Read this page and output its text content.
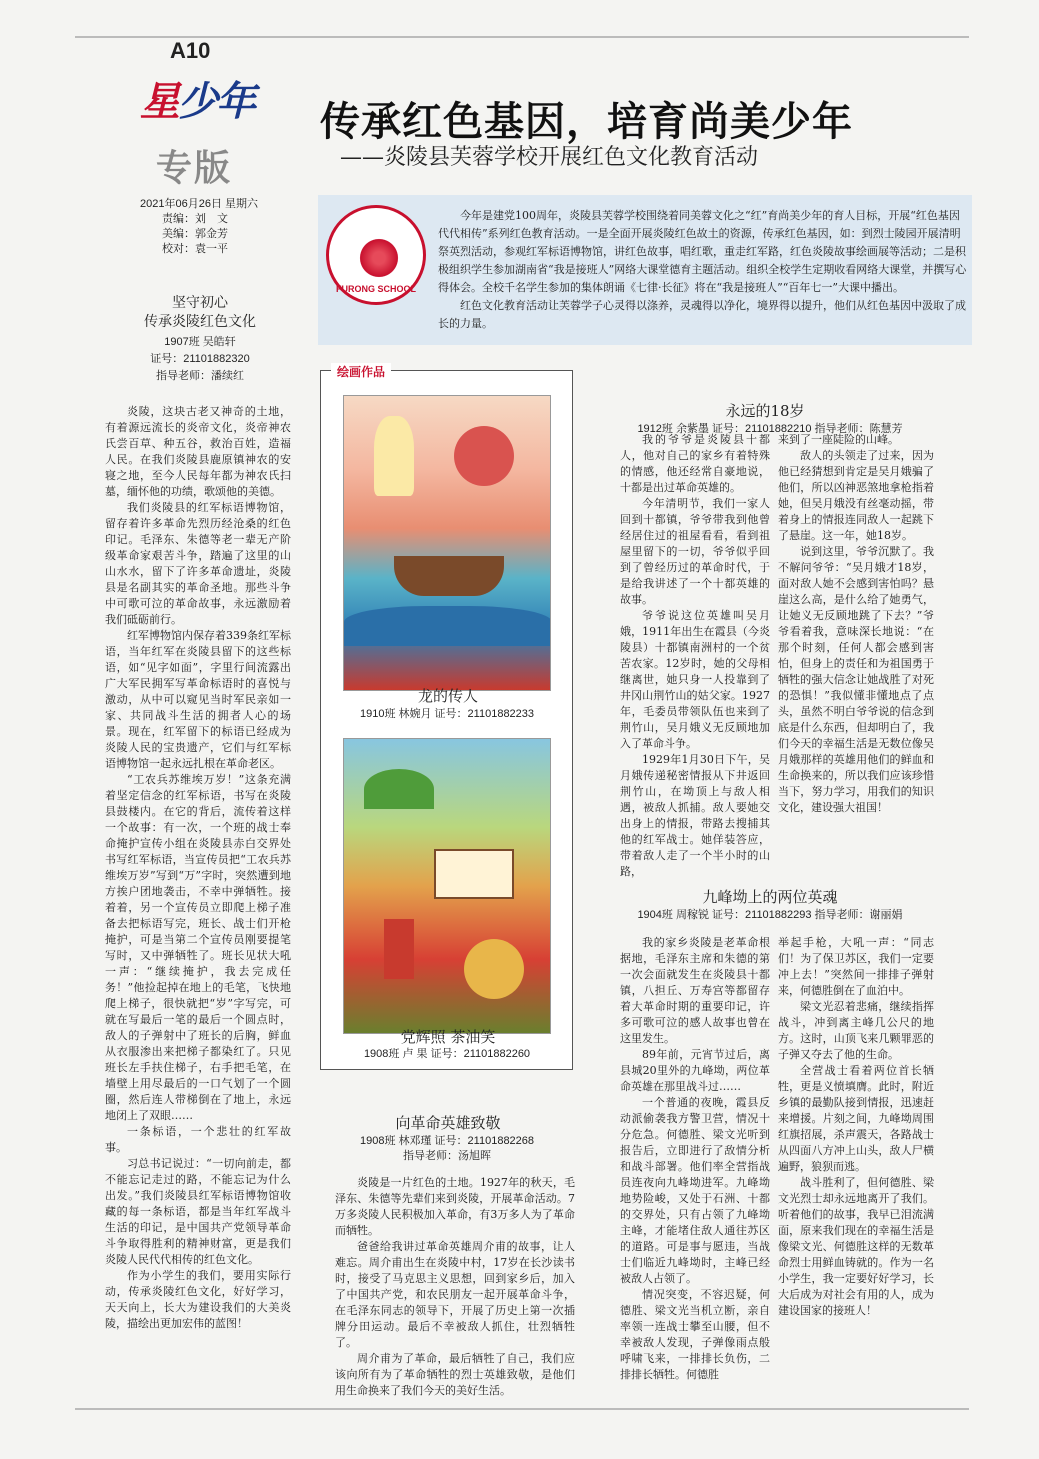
A10
星少年
专版
2021年06月26日 星期六
责编：刘　文
美编：郭金芳
校对：袁一平
传承红色基因，培育尚美少年
——炎陵县芙蓉学校开展红色文化教育活动
FURONG SCHOOL

今年是建党100周年，炎陵县芙蓉学校围绕着同美蓉文化之“红”育尚美少年的育人目标，开展“红色基因 代代相传”系列红色教育活动。一是全面开展炎陵红色故土的资源，传承红色基因，如：到烈士陵园开展清明祭英烈活动，参观红军标语博物馆，讲红色故事，唱红歌，重走红军路，红色炎陵故事绘画展等活动；二是积极组织学生参加湖南省“我是接班人”网络大课堂德育主题活动。组织全校学生定期收看网络大课堂，并撰写心得体会。全校千名学生参加的集体朗诵《七律·长征》将在“我是接班人”“百年七一”大课中播出。

红色文化教育活动让芙蓉学子心灵得以涤养，灵魂得以净化，境界得以提升，他们从红色基因中汲取了成长的力量。

坚守初心
传承炎陵红色文化
1907班 吴皓轩
证号：21101882320
指导老师：潘续红

炎陵，这块古老又神奇的土地，有着源远流长的炎帝文化，炎帝神农氏尝百草、种五谷，救治百姓，造福人民。在我们炎陵县鹿原镇神农的安寝之地，至今人民每年都为神农氏扫墓，缅怀他的功绩，歌颂他的美德。

我们炎陵县的红军标语博物馆，留存着许多革命先烈历经沧桑的红色印记。毛泽东、朱德等老一辈无产阶级革命家艰苦斗争，踏遍了这里的山山水水，留下了许多革命遗址，炎陵县是名副其实的革命圣地。那些斗争中可歌可泣的革命故事，永远激励着我们砥砺前行。

红军博物馆内保存着339条红军标语，当年红军在炎陵县留下的这些标语，如“见字如面”，字里行间流露出广大军民拥军写革命标语时的喜悦与激动，从中可以窥见当时军民亲如一家、共同战斗生活的拥者人心的场景。现在，红军留下的标语已经成为炎陵人民的宝贵遗产，它们与红军标语博物馆一起永远扎根在革命老区。

“工农兵苏维埃万岁！”这条充满着坚定信念的红军标语，书写在炎陵县鼓楼内。在它的背后，流传着这样一个故事：有一次，一个班的战士奉命掩护宣传小组在炎陵县赤白交界处书写红军标语，当宣传员把“工农兵苏维埃万岁”写到“万”字时，突然遭到地方挨户团地袭击，不幸中弹牺牲。接着着，另一个宣传员立即爬上梯子准备去把标语写完，班长、战士们开枪掩护，可是当第二个宣传员刚要提笔写时，又中弹牺牲了。班长见状大吼一声：“继续掩护，我去完成任务！”他捡起掉在地上的毛笔，飞快地爬上梯子，很快就把“岁”字写完，可就在写最后一笔的最后一个圆点时，敌人的子弹射中了班长的后胸，鲜血从衣服渗出来把梯子都染红了。只见班长左手扶住梯子，右手把毛笔，在墙壁上用尽最后的一口气划了一个圆圈，然后连人带梯倒在了地上，永远地闭上了双眼……

一条标语，一个悲壮的红军故事。

习总书记说过：“一切向前走，都不能忘记走过的路，不能忘记为什么出发。”我们炎陵县红军标语博物馆收藏的每一条标语，都是当年红军战斗生活的印记，是中国共产党领导革命斗争取得胜利的精神财富，更是我们炎陵人民代代相传的红色文化。

作为小学生的我们，要用实际行动，传承炎陵红色文化，好好学习，天天向上，长大为建设我们的大美炎陵，描绘出更加宏伟的蓝图！

绘画作品
龙的传人
1910班 林婉月 证号：21101882233
党辉照 茶油笑
1908班 卢 果 证号：21101882260
向革命英雄致敬
1908班 林邓瑾 证号：21101882268
指导老师：汤旭晖

炎陵是一片红色的土地。1927年的秋天，毛泽东、朱德等先辈们来到炎陵，开展革命活动。7万多炎陵人民积极加入革命，有3万多人为了革命而牺牲。

爸爸给我讲过革命英雄周介甫的故事，让人难忘。周介甫出生在炎陵中村，17岁在长沙读书时，接受了马克思主义思想，回到家乡后，加入了中国共产党，和农民朋友一起开展革命斗争，在毛泽东同志的领导下，开展了历史上第一次插牌分田运动。最后不幸被敌人抓住，壮烈牺牲了。

周介甫为了革命，最后牺牲了自己，我们应该向所有为了革命牺牲的烈士英雄致敬，是他们用生命换来了我们今天的美好生活。

永远的18岁
1912班 余紫墨 证号：21101882210 指导老师：陈慧芳

我的爷爷是炎陵县十都人，他对自己的家乡有着特殊的情感，他还经常自豪地说，十都是出过革命英雄的。

今年清明节，我们一家人回到十都镇，爷爷带我到他曾经居住过的祖屋看看，看到祖屋里留下的一切，爷爷似乎回到了曾经历过的革命时代，于是给我讲述了一个十都英雄的故事。

爷爷说这位英雄叫吴月娥，1911年出生在霞县（今炎陵县）十都镇南洲村的一个贫苦农家。12岁时，她的父母相继离世，她只身一人投靠到了井冈山荆竹山的姑父家。1927年，毛委员带领队伍也来到了荆竹山，吴月娥义无反顾地加入了革命斗争。

1929年1月30日下午，吴月娥传递秘密情报从下井返回荆竹山，在坳顶上与敌人相遇，被敌人抓捕。敌人要她交出身上的情报，带路去搜捕其他的红军战士。她佯装答应，带着敌人走了一个半小时的山路，

来到了一座陡险的山峰。

敌人的头领走了过来，因为他已经猜想到肯定是吴月娥骗了他们，所以凶神恶煞地拿枪指着她，但吴月娥没有丝毫动摇，带着身上的情报连同敌人一起跳下了悬崖。这一年，她18岁。

说到这里，爷爷沉默了。我不解问爷爷：“吴月娥才18岁，面对敌人她不会感到害怕吗？悬崖这么高，是什么给了她勇气，让她义无反顾地跳了下去？”爷爷看着我，意味深长地说：“在那个时刻，任何人都会感到害怕，但身上的责任和为祖国勇于牺牲的强大信念让她战胜了对死的恐惧！”我似懂非懂地点了点头，虽然不明白爷爷说的信念到底是什么东西，但却明白了，我们今天的幸福生活是无数位像吴月娥那样的英雄用他们的鲜血和生命换来的，所以我们应该珍惜当下，努力学习，用我们的知识文化，建设强大祖国！

九峰坳上的两位英魂
1904班 周稼锐 证号：21101882293 指导老师：谢丽娟

我的家乡炎陵是老革命根据地，毛泽东主席和朱德的第一次会面就发生在炎陵县十都镇，八担丘、万寿宫等都留存着大革命时期的重要印记，许多可歌可泣的感人故事也曾在这里发生。

89年前，元宵节过后，离县城20里外的九峰坳，两位革命英雄在那里战斗过……

一个普通的夜晚，霞县反动派偷袭我方警卫营，情况十分危急。何德胜、梁文光听到报告后，立即进行了敌情分析和战斗部署。他们率全营指战员连夜向九峰坳进军。九峰坳地势险峻，又处于石洲、十都的交界处，只有占领了九峰坳主峰，才能堵住敌人通往苏区的道路。可是事与愿违，当战士们临近九峰坳时，主峰已经被敌人占领了。

情况突变，不容迟疑，何德胜、梁文光当机立断，亲自率领一连战士攀至山腰，但不幸被敌人发现，子弹像雨点般呼啸飞来，一排排长负伤，二排排长牺牲。何德胜

举起手枪，大吼一声：“同志们！为了保卫苏区，我们一定要冲上去！”突然间一排排子弹射来，何德胜倒在了血泊中。

梁文光忍着悲痛，继续指挥战斗，冲到离主峰几公尺的地方。这时，山顶飞来几颗罪恶的子弹又夺去了他的生命。

全营战士看着两位首长牺牲，更是义愤填膺。此时，附近乡镇的最勤队接到情报，迅速赶来增援。片刻之间，九峰坳周围红旗招展，杀声震天，各路战士从四面八方冲上山头，敌人尸横遍野，狼狈而逃。

战斗胜利了，但何德胜、梁文光烈士却永远地离开了我们。听着他们的故事，我早已泪流满面，原来我们现在的幸福生活是像梁文光、何德胜这样的无数革命烈士用鲜血铸就的。作为一名小学生，我一定要好好学习，长大后成为对社会有用的人，成为建设国家的接班人！
